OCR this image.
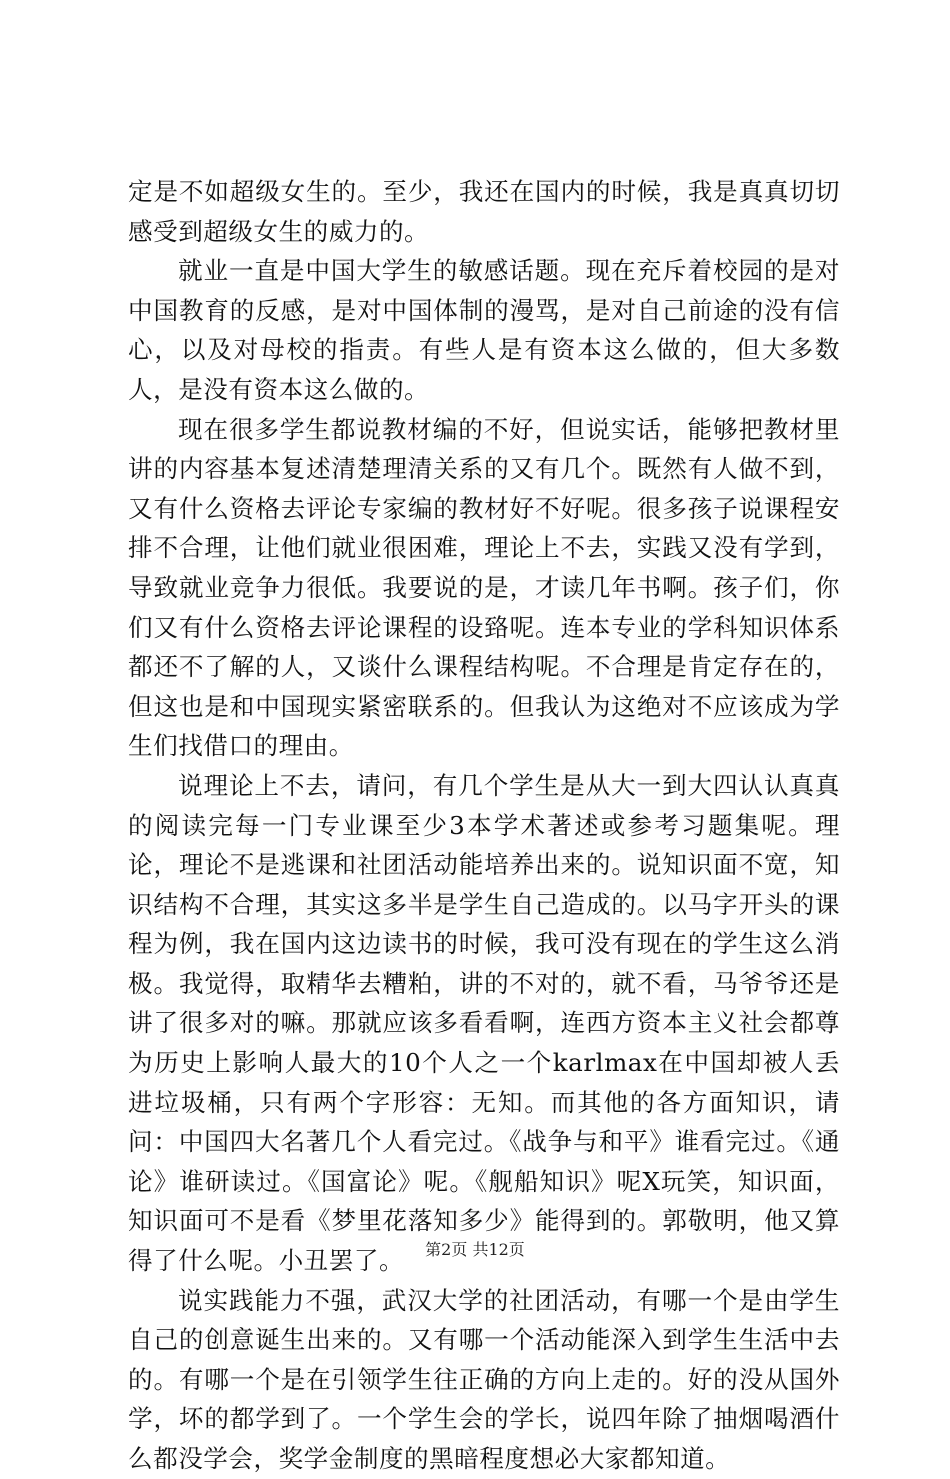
定是不如超级女生的。至少，我还在国内的时候，我是真真切切感受到超级女生的威力的。

就业一直是中国大学生的敏感话题。现在充斥着校园的是对中国教育的反感，是对中国体制的漫骂，是对自己前途的没有信心，以及对母校的指责。有些人是有资本这么做的，但大多数人，是没有资本这么做的。

现在很多学生都说教材编的不好，但说实话，能够把教材里讲的内容基本复述清楚理清关系的又有几个。既然有人做不到，又有什么资格去评论专家编的教材好不好呢。很多孩子说课程安排不合理，让他们就业很困难，理论上不去，实践又没有学到，导致就业竞争力很低。我要说的是，才读几年书啊。孩子们，你们又有什么资格去评论课程的设臵呢。连本专业的学科知识体系都还不了解的人，又谈什么课程结构呢。不合理是肯定存在的，但这也是和中国现实紧密联系的。但我认为这绝对不应该成为学生们找借口的理由。

说理论上不去，请问，有几个学生是从大一到大四认认真真的阅读完每一门专业课至少3本学术著述或参考习题集呢。理论，理论不是逃课和社团活动能培养出来的。说知识面不宽，知识结构不合理，其实这多半是学生自己造成的。以马字开头的课程为例，我在国内这边读书的时候，我可没有现在的学生这么消极。我觉得，取精华去糟粕，讲的不对的，就不看，马爷爷还是讲了很多对的嘛。那就应该多看看啊，连西方资本主义社会都尊为历史上影响人最大的10个人之一个karlmax在中国却被人丢进垃圾桶，只有两个字形容：无知。而其他的各方面知识，请问：中国四大名著几个人看完过。《战争与和平》谁看完过。《通论》谁研读过。《国富论》呢。《舰船知识》呢X玩笑，知识面，知识面可不是看《梦里花落知多少》能得到的。郭敬明，他又算得了什么呢。小丑罢了。

说实践能力不强，武汉大学的社团活动，有哪一个是由学生自己的创意诞生出来的。又有哪一个活动能深入到学生生活中去的。有哪一个是在引领学生往正确的方向上走的。好的没从国外学，坏的都学到了。一个学生会的学长，说四年除了抽烟喝酒什么都没学会，奖学金制度的黑暗程度想必大家都知道。

第2页 共12页
